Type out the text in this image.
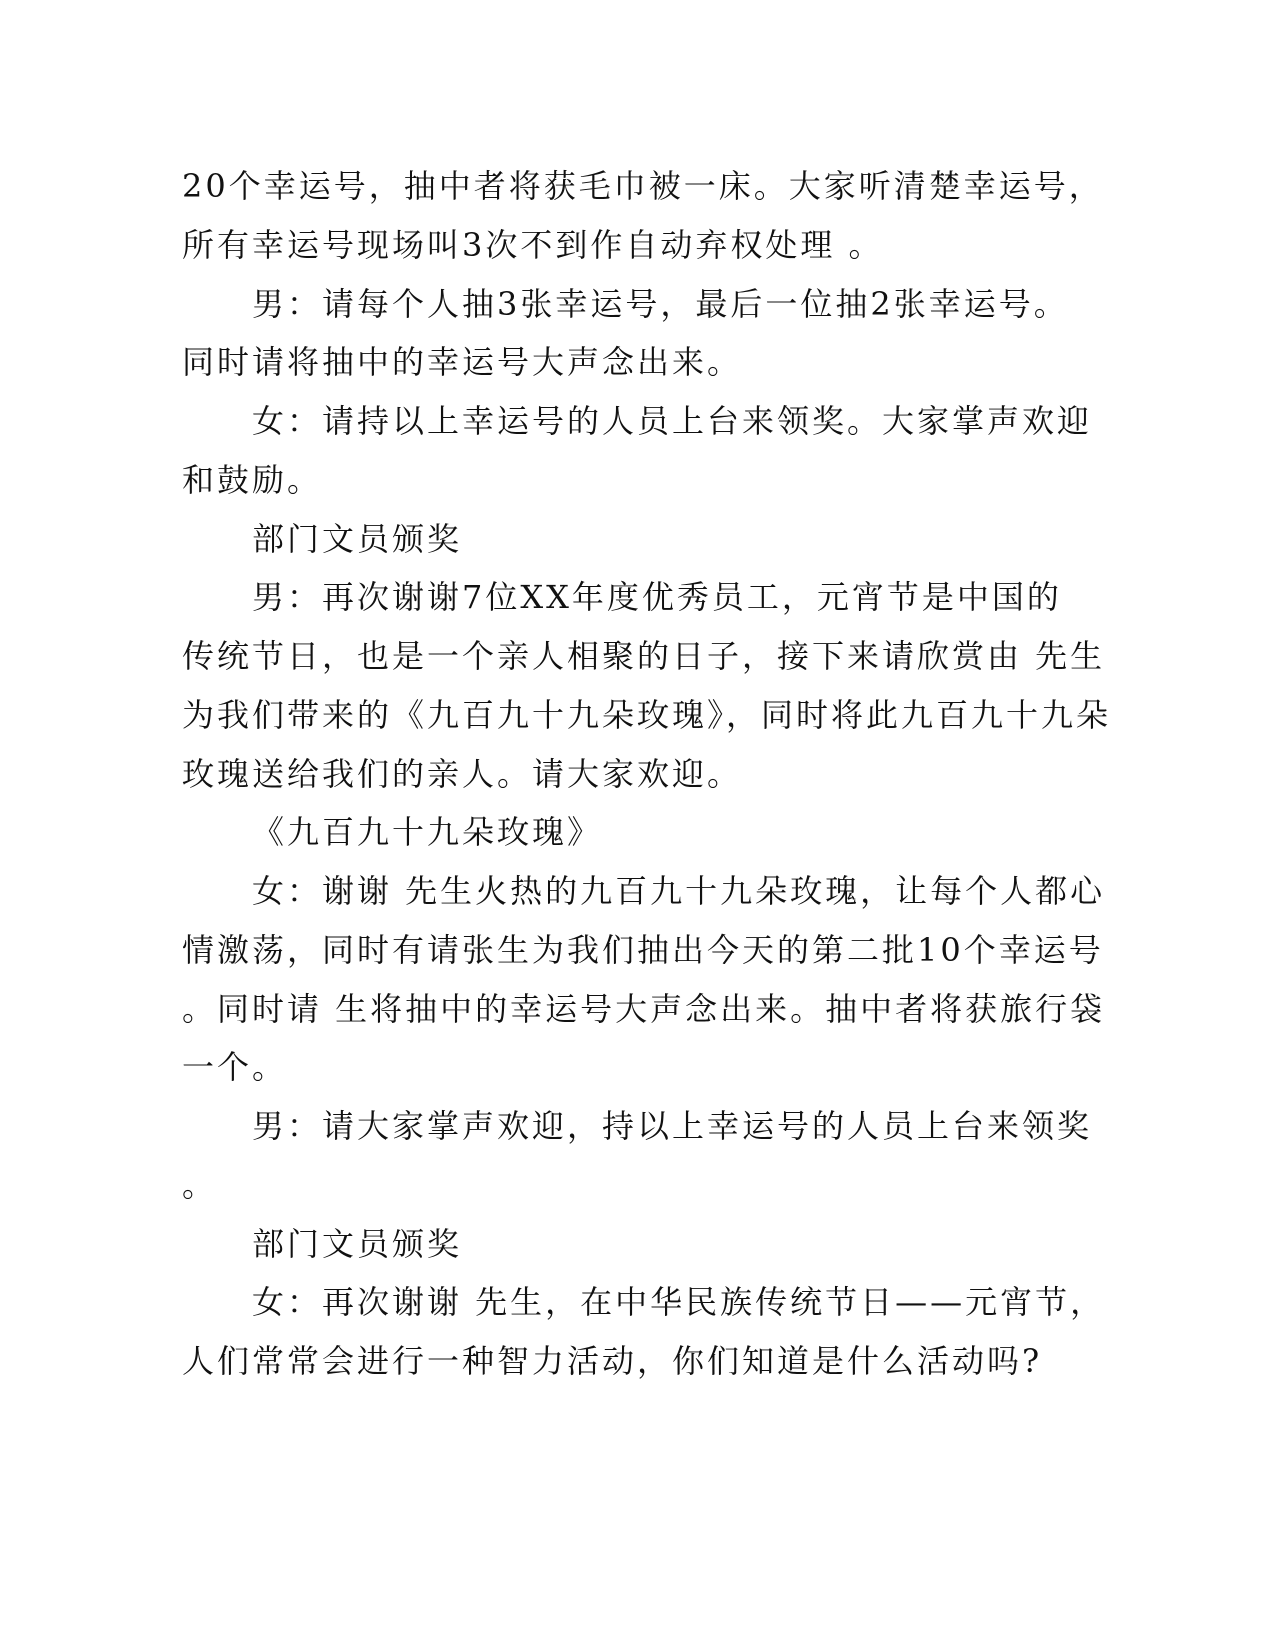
20个幸运号，抽中者将获毛巾被一床。大家听清楚幸运号，

所有幸运号现场叫3次不到作自动弃权处理 。

男：请每个人抽3张幸运号，最后一位抽2张幸运号。

同时请将抽中的幸运号大声念出来。

女：请持以上幸运号的人员上台来领奖。大家掌声欢迎

和鼓励。

部门文员颁奖

男：再次谢谢7位XX年度优秀员工，元宵节是中国的

传统节日，也是一个亲人相聚的日子，接下来请欣赏由 先生

为我们带来的《九百九十九朵玫瑰》，同时将此九百九十九朵

玫瑰送给我们的亲人。请大家欢迎。

《九百九十九朵玫瑰》

女：谢谢 先生火热的九百九十九朵玫瑰，让每个人都心

情激荡，同时有请张生为我们抽出今天的第二批10个幸运号

。同时请 生将抽中的幸运号大声念出来。抽中者将获旅行袋

一个。

男：请大家掌声欢迎，持以上幸运号的人员上台来领奖

。

部门文员颁奖

女：再次谢谢 先生，在中华民族传统节日——元宵节，

人们常常会进行一种智力活动，你们知道是什么活动吗?
